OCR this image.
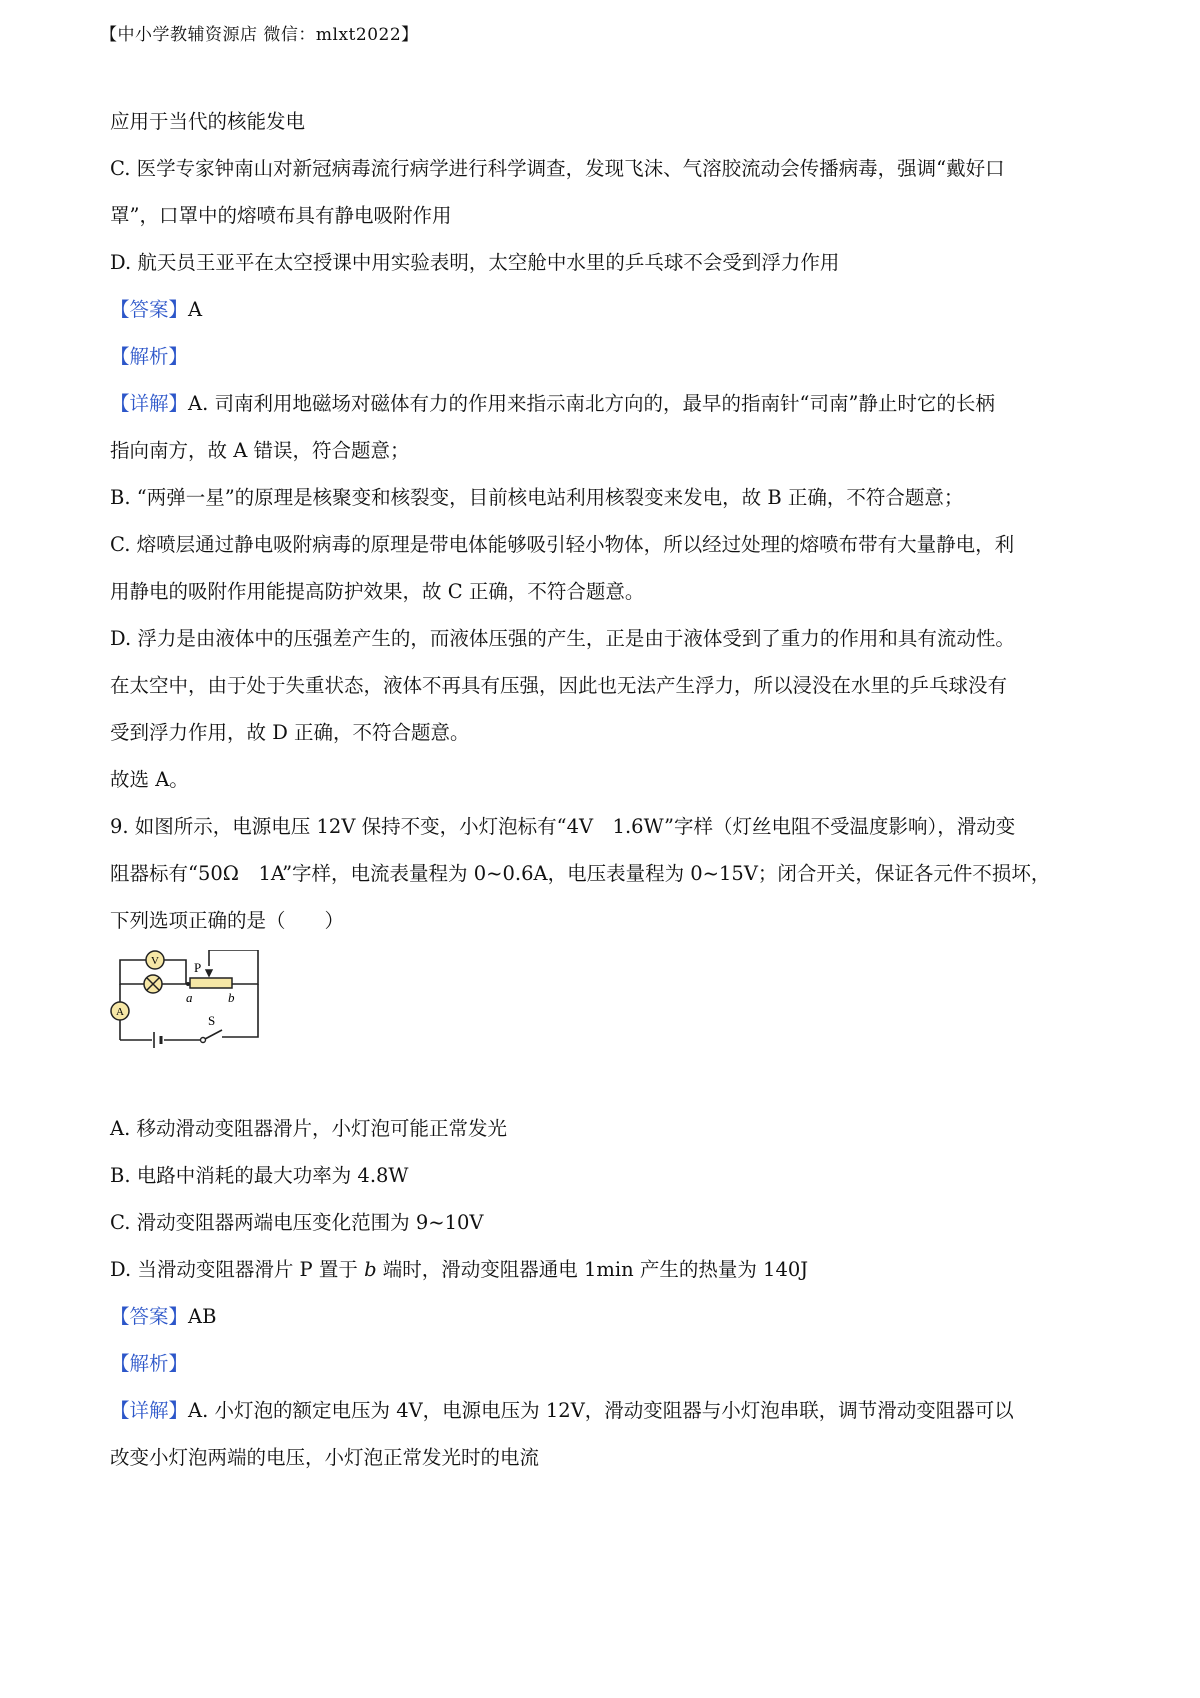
【中小学教辅资源店 微信：mlxt2022】
应用于当代的核能发电
C. 医学专家钟南山对新冠病毒流行病学进行科学调查，发现飞沫、气溶胶流动会传播病毒，强调“戴好口
罩”，口罩中的熔喷布具有静电吸附作用
D. 航天员王亚平在太空授课中用实验表明，太空舱中水里的乒乓球不会受到浮力作用
【答案】A
【解析】
【详解】A. 司南利用地磁场对磁体有力的作用来指示南北方向的，最早的指南针“司南”静止时它的长柄
指向南方，故 A 错误，符合题意；
B. “两弹一星”的原理是核聚变和核裂变，目前核电站利用核裂变来发电，故 B 正确，不符合题意；
C. 熔喷层通过静电吸附病毒的原理是带电体能够吸引轻小物体，所以经过处理的熔喷布带有大量静电，利
用静电的吸附作用能提高防护效果，故 C 正确，不符合题意。
D. 浮力是由液体中的压强差产生的，而液体压强的产生，正是由于液体受到了重力的作用和具有流动性。
在太空中，由于处于失重状态，液体不再具有压强，因此也无法产生浮力，所以浸没在水里的乒乓球没有
受到浮力作用，故 D 正确，不符合题意。
故选 A。
9. 如图所示，电源电压 12V 保持不变，小灯泡标有“4V　1.6W”字样（灯丝电阻不受温度影响），滑动变
阻器标有“50Ω　1A”字样，电流表量程为 0~0.6A，电压表量程为 0~15V；闭合开关，保证各元件不损坏，
下列选项正确的是（　　）
V	P
a	b
A
S
A. 移动滑动变阻器滑片，小灯泡可能正常发光
B. 电路中消耗的最大功率为 4.8W
C. 滑动变阻器两端电压变化范围为 9~10V
D. 当滑动变阻器滑片 P 置于 b 端时，滑动变阻器通电 1min 产生的热量为 140J
【答案】AB
【解析】
【详解】A. 小灯泡的额定电压为 4V，电源电压为 12V，滑动变阻器与小灯泡串联，调节滑动变阻器可以
改变小灯泡两端的电压，小灯泡正常发光时的电流
